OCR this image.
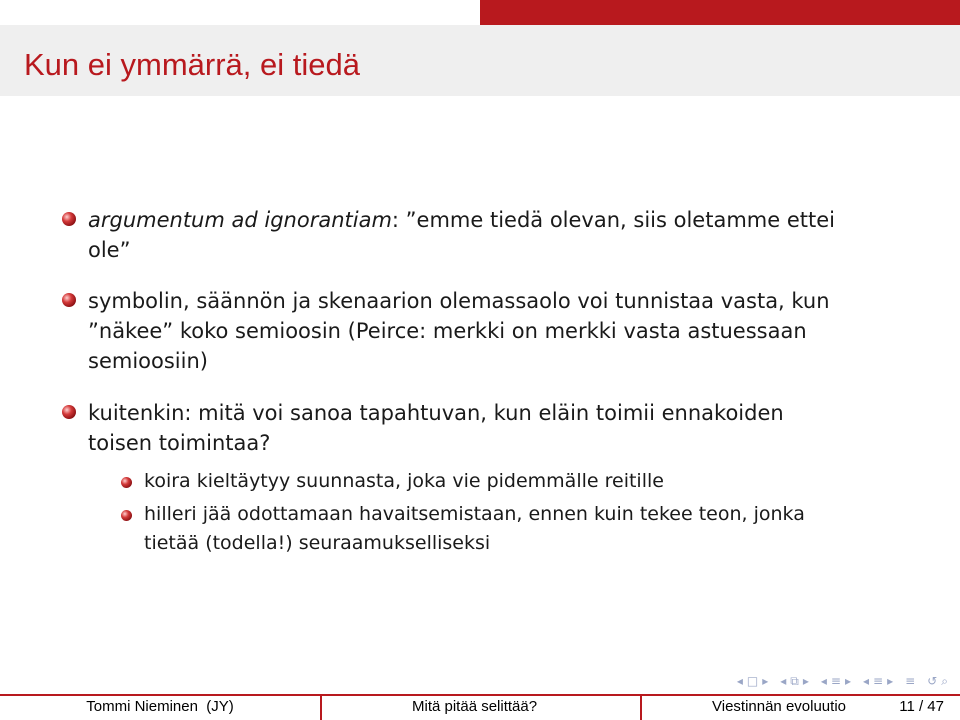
Ongelma ja miten sitä on lähestytty
Kun ei ymmärrä, ei tiedä
argumentum ad ignorantiam: ”emme tiedä olevan, siis oletamme ettei
ole”
symbolin, säännön ja skenaarion olemassaolo voi tunnistaa vasta, kun
”näkee” koko semioosin (Peirce: merkki on merkki vasta astuessaan
semioosiin)
kuitenkin: mitä voi sanoa tapahtuvan, kun eläin toimii ennakoiden
toisen toimintaa?
koira kieltäytyy suunnasta, joka vie pidemmälle reitille
hilleri jää odottamaan havaitsemistaan, ennen kuin tekee teon, jonka
tietää (todella!) seuraamukselliseksi
◂ □ ▸ ◂ ⧉ ▸ ◂ ≡ ▸ ◂ ≡ ▸ ≡ ↺ ⌕
Tommi Nieminen  (JY)	Mitä pitää selittää?	Viestinnän evoluutio	11 / 47
